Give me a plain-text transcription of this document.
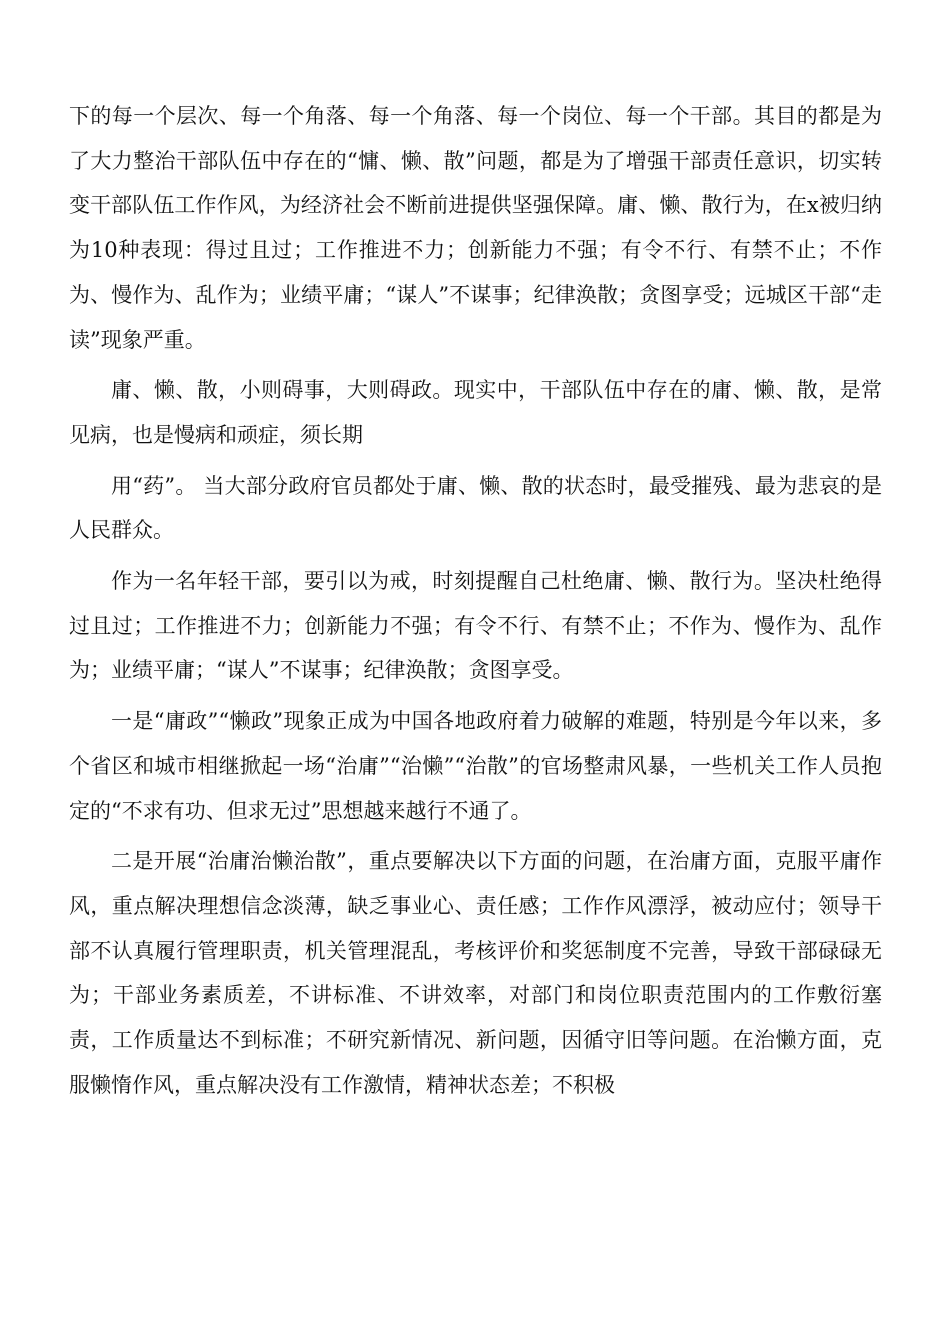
下的每一个层次、每一个角落、每一个角落、每一个岗位、每一个干部。其目的都是为了大力整治干部队伍中存在的“慵、懒、散”问题，都是为了增强干部责任意识，切实转变干部队伍工作作风，为经济社会不断前进提供坚强保障。庸、懒、散行为，在x被归纳为10种表现：得过且过；工作推进不力；创新能力不强；有令不行、有禁不止；不作为、慢作为、乱作为；业绩平庸；“谋人”不谋事；纪律涣散；贪图享受；远城区干部“走读”现象严重。

庸、懒、散，小则碍事，大则碍政。现实中，干部队伍中存在的庸、懒、散，是常见病，也是慢病和顽症，须长期

用“药”。 当大部分政府官员都处于庸、懒、散的状态时，最受摧残、最为悲哀的是人民群众。

作为一名年轻干部，要引以为戒，时刻提醒自己杜绝庸、懒、散行为。坚决杜绝得过且过；工作推进不力；创新能力不强；有令不行、有禁不止；不作为、慢作为、乱作为；业绩平庸；“谋人”不谋事；纪律涣散；贪图享受。

一是“庸政”“懒政”现象正成为中国各地政府着力破解的难题，特别是今年以来，多个省区和城市相继掀起一场“治庸”“治懒”“治散”的官场整肃风暴，一些机关工作人员抱定的“不求有功、但求无过”思想越来越行不通了。

二是开展“治庸治懒治散”，重点要解决以下方面的问题，在治庸方面，克服平庸作风，重点解决理想信念淡薄，缺乏事业心、责任感；工作作风漂浮，被动应付；领导干部不认真履行管理职责，机关管理混乱，考核评价和奖惩制度不完善，导致干部碌碌无为；干部业务素质差，不讲标准、不讲效率，对部门和岗位职责范围内的工作敷衍塞责，工作质量达不到标准；不研究新情况、新问题，因循守旧等问题。在治懒方面，克服懒惰作风，重点解决没有工作激情，精神状态差；不积极
